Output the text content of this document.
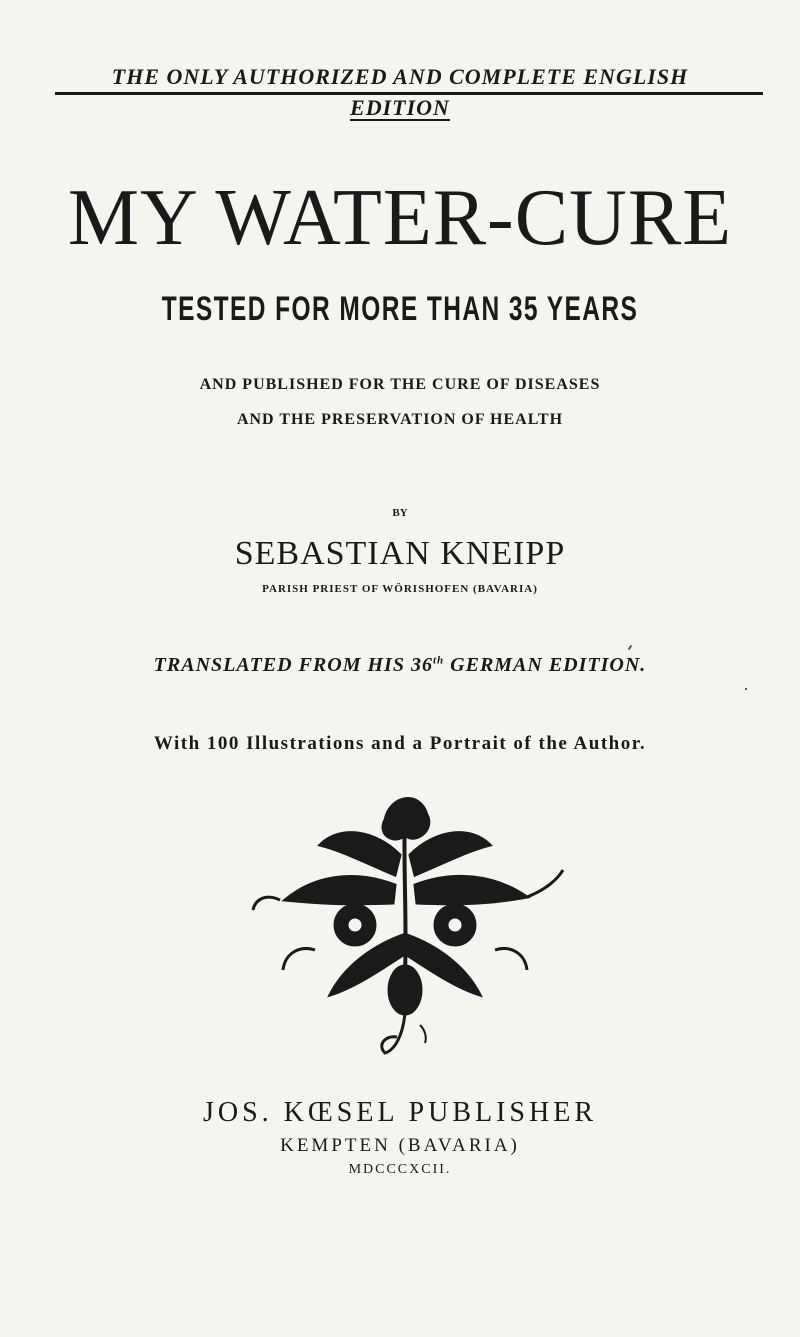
THE ONLY AUTHORIZED AND COMPLETE ENGLISH
EDITION
MY WATER-CURE
TESTED FOR MORE THAN 35 YEARS
AND PUBLISHED FOR THE CURE OF DISEASES
AND THE PRESERVATION OF HEALTH
BY
SEBASTIAN KNEIPP
PARISH PRIEST OF WÖRISHOFEN (BAVARIA)
TRANSLATED FROM HIS 36th GERMAN EDITION.
With 100 Illustrations and a Portrait of the Author.
JOS. KŒSEL PUBLISHER
KEMPTEN (BAVARIA)
MDCCCXCII.
